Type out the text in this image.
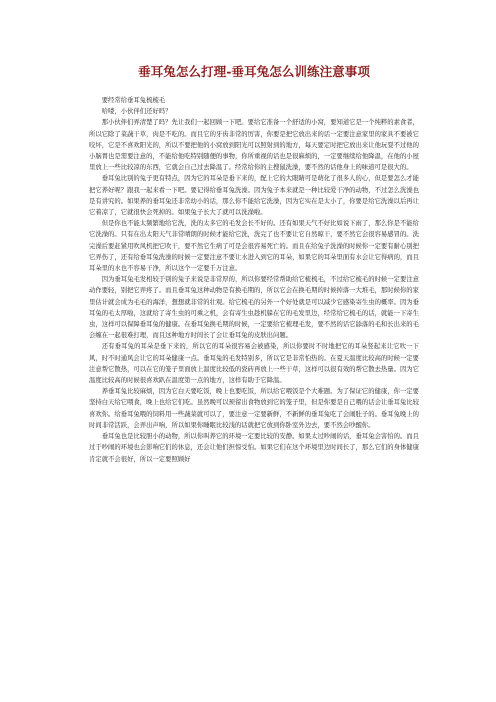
垂耳兔怎么打理-垂耳兔怎么训练注意事项

要经常给垂耳兔梳梳毛

哈喽，小伙伴们还好吗？

那小伙伴们弄清楚了吗？先让我们一起回顾一下吧。要给它准备一个舒适的小窝，要知道它是一个纯粹的素食者，所以它除了菜蔬干草，肉是不吃的。而且它的牙齿非常的厉害，你要是把它放出来的话一定要注意家里的家具不要被它咬坏，它是不喜欢阳光的，所以不要把他的小窝放到阳光可以照射到的地方，每天要定时把它放出来让他玩耍不过他的小脑胃也是需要注意的，不能给他吃特别随便的事物，你所重视的话也是很麻烦的，一定要继续给他降温，在他的小屋里放上一些比较凉的东西，它就会自己过去降温了。经常给你的主搜鼠洗澡，要不然的话他身上的味道可是很大的。

垂耳兔比别的兔子更有特点，因为它的耳朵是垂下来的，配上它的大眼睛可是萌化了很多人的心，但是要怎么才能把它养好呢？跟我一起来看一下吧。要记得给垂耳兔洗澡。因为兔子本来就是一种比较爱干净的动物，不过怎么洗澡也是有讲究的。如果养的垂耳兔还非常幼小的话，那么你不能给它洗澡，因为它实在是太小了，你要是给它洗澡以后再让它着凉了，它就很快会死掉的。如果兔子长大了就可以洗澡啦。

但是你也不能太频繁地给它洗，洗的太多它的毛发会长不好的。还有如果天气不好比如说下雨了，那么你是不能给它洗澡的。只有在出太阳天气非常晴朗的时候才能给它洗，洗完了也不要让它自然晾干，要不然它会很容易感冒的。洗完澡后要赶紧用吹风机把它吹干，要不然它生病了可是会很容易死亡的。而且在给兔子洗澡的时候你一定要有耐心别把它弄伤了，还有给垂耳兔洗澡的时候一定要注意不要让水进入到它的耳朵，如果它的耳朵里面有水会让它得病的，而且耳朵里的水也不容易干净，所以这个一定要千万注意。

因为垂耳兔毛发相较于别的兔子来说是非常厚的，所以你要经常帮助给它梳梳毛，不过给它梳毛的时候一定要注意动作要轻，别把它弄疼了。而且垂耳兔这种动物是有换毛期的，所以它会在换毛期的时候掉落一大堆毛，那时候你的家里估计就会成为毛毛的海洋，想想就非常的壮观。给它梳毛的另外一个好处就是可以减少它感染寄生虫的概率。因为垂耳兔的毛太厚啦，这就给了寄生虫的可乘之机，会有寄生虫趁机躲在它的毛发里边，经常给它梳毛的话，就能一下寄生虫，这样可以保障垂耳兔的健康。在垂耳兔换毛期的时候，一定要给它梳理毛发，要不然的话它舔落的毛和长出来的毛会缠在一起很难打理，而且这种地方时间长了会让垂耳兔的皮肤出问题。

还有垂耳兔的耳朵是垂下来的，所以它的耳朵很容易会被感染，所以你要时不时地把它的耳朵竖起来让它吹一下风，时不时通风会让它的耳朵健康一点。垂耳兔的毛发特别多，所以它是非常怕热的。在夏天温度比较高的时候一定要注意帮它散热，可以在它的笼子里面放上温度比较低的瓷砖再放上一些干草，这样可以很有效的帮它散去热量。因为它温度比较高的时候很喜欢趴在温度第一点的地方，这样有助于它降温。

养垂耳兔比较麻烦，因为它白天要吃饭，晚上也要吃饭，所以给它喂饭是个大难题。为了保证它的健康，你一定要坚持白天给它喂食，晚上也给它们吃。虽然晚可以预留出食物放到它的笼子里，但是你要是自己喂的话会让垂耳兔比较喜欢你。给垂耳兔喂的饲料用一些蔬菜就可以了，要注意一定要新鲜，不新鲜的垂耳兔吃了会闹肚子的。垂耳兔晚上的时间非常活跃，会弄出声响，所以如果你睡眠比较浅的话就把它放到你卧室外边去，要不然会吵醒你。

垂耳兔也是比较胆小的动物，所以你叫养它的环境一定要比较的安静。如果太过吵闹的话，垂耳兔会害怕的。而且过于吵闹的环境也会影响它们的休息，还会让他们担惊受怕。如果它们在这个环境里边时间长了，那么它们的身体健康肯定就不会很好，所以一定要照顾好
